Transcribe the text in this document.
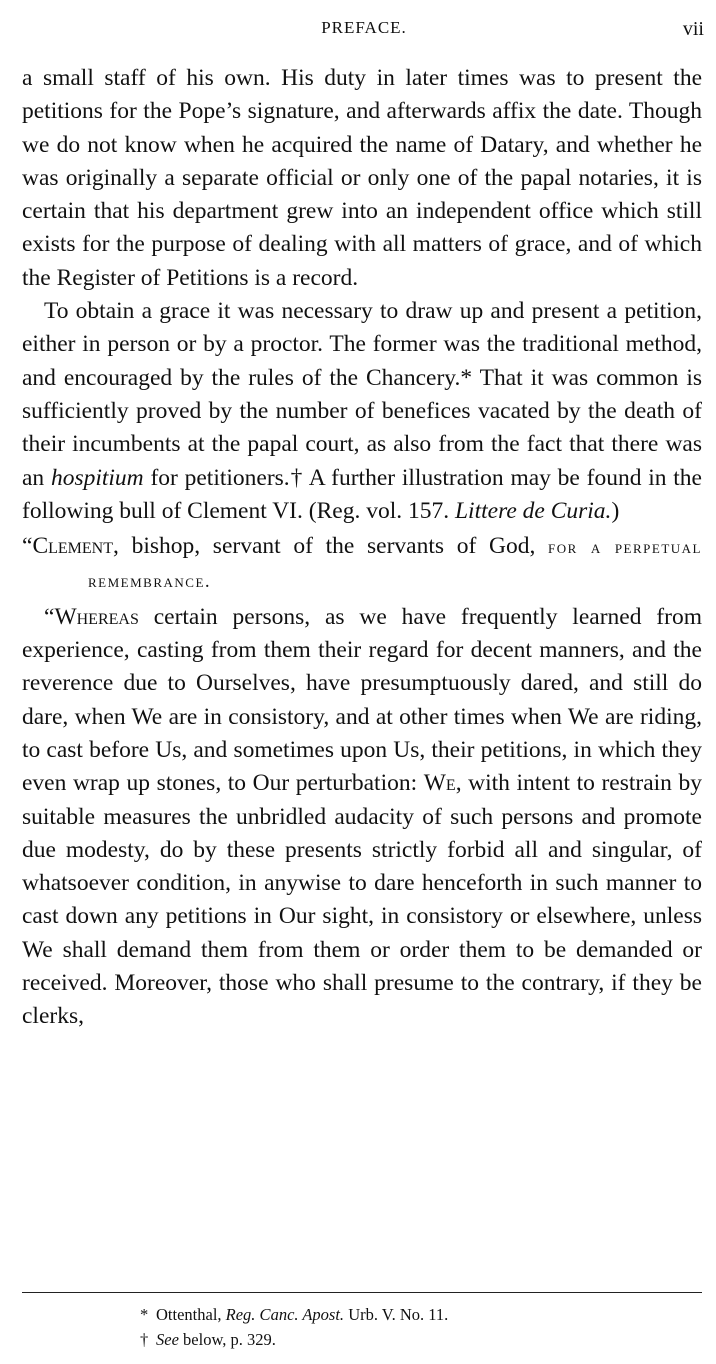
PREFACE.	vii

a small staff of his own. His duty in later times was to present the petitions for the Pope’s signature, and afterwards affix the date. Though we do not know when he acquired the name of Datary, and whether he was originally a separate official or only one of the papal notaries, it is certain that his department grew into an independent office which still exists for the purpose of dealing with all matters of grace, and of which the Register of Petitions is a record.

To obtain a grace it was necessary to draw up and present a petition, either in person or by a proctor. The former was the traditional method, and encouraged by the rules of the Chancery.* That it was common is sufficiently proved by the number of benefices vacated by the death of their incumbents at the papal court, as also from the fact that there was an hospitium for petitioners.† A further illustration may be found in the following bull of Clement VI. (Reg. vol. 157. Littere de Curia.)

“Clement, bishop, servant of the servants of God, for a perpetual remembrance.

“Whereas certain persons, as we have frequently learned from experience, casting from them their regard for decent manners, and the reverence due to Ourselves, have presumptuously dared, and still do dare, when We are in consistory, and at other times when We are riding, to cast before Us, and sometimes upon Us, their petitions, in which they even wrap up stones, to Our perturbation: We, with intent to restrain by suitable measures the unbridled audacity of such persons and promote due modesty, do by these presents strictly forbid all and singular, of whatsoever condition, in anywise to dare henceforth in such manner to cast down any petitions in Our sight, in consistory or elsewhere, unless We shall demand them from them or order them to be demanded or received. Moreover, those who shall presume to the contrary, if they be clerks,

* Ottenthal, Reg. Canc. Apost. Urb. V. No. 11.

† See below, p. 329.
